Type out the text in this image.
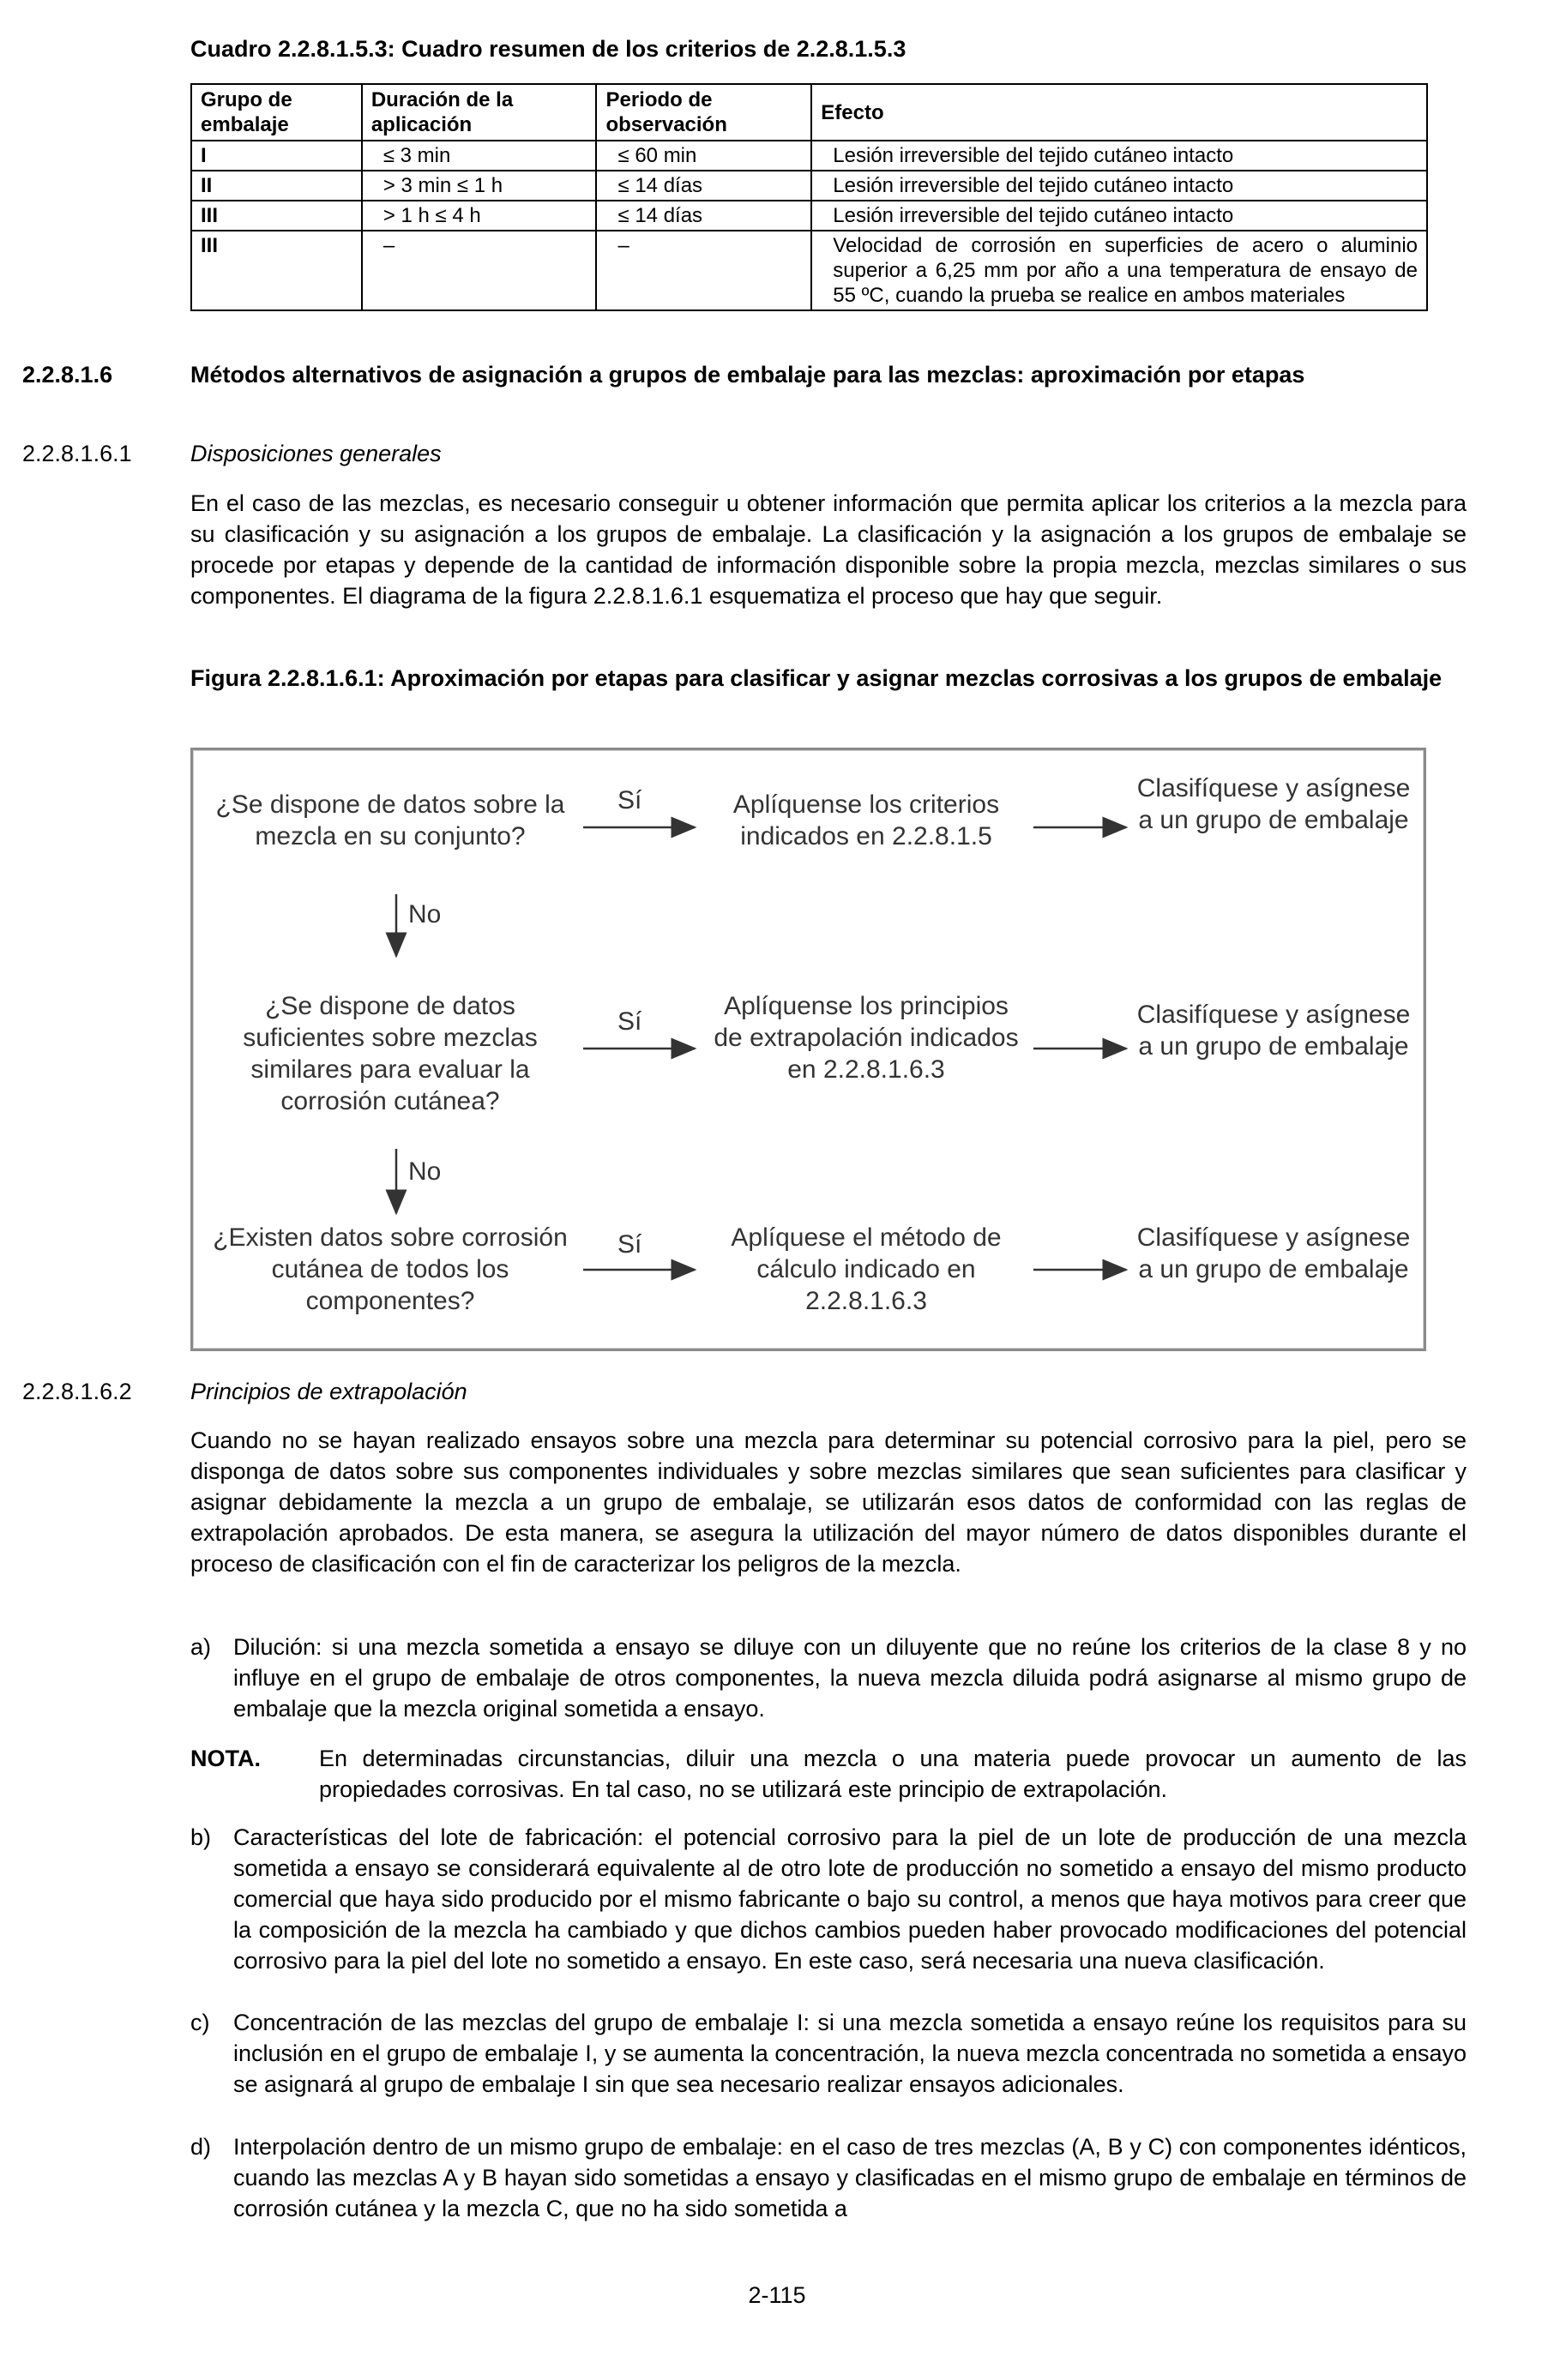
Cuadro 2.2.8.1.5.3: Cuadro resumen de los criterios de 2.2.8.1.5.3
Grupo de embalaje	Duración de la aplicación	Periodo de observación	Efecto
I	≤ 3 min	≤ 60 min	Lesión irreversible del tejido cutáneo intacto
II	> 3 min ≤ 1 h	≤ 14 días	Lesión irreversible del tejido cutáneo intacto
III	> 1 h ≤ 4 h	≤ 14 días	Lesión irreversible del tejido cutáneo intacto
III	–	–	Velocidad de corrosión en superficies de acero o aluminio superior a 6,25 mm por año a una temperatura de ensayo de 55 ºC, cuando la prueba se realice en ambos materiales
2.2.8.1.6	Métodos alternativos de asignación a grupos de embalaje para las mezclas: aproximación por etapas
2.2.8.1.6.1	Disposiciones generales
En el caso de las mezclas, es necesario conseguir u obtener información que permita aplicar los criterios a la mezcla para su clasificación y su asignación a los grupos de embalaje. La clasificación y la asignación a los grupos de embalaje se procede por etapas y depende de la cantidad de información disponible sobre la propia mezcla, mezclas similares o sus componentes. El diagrama de la figura 2.2.8.1.6.1 esquematiza el proceso que hay que seguir.
Figura 2.2.8.1.6.1: Aproximación por etapas para clasificar y asignar mezclas corrosivas a los grupos de embalaje
¿Se dispone de datos sobre la mezcla en su conjunto?
Sí	Aplíquense los criterios indicados en 2.2.8.1.5
Clasifíquese y asígnese a un grupo de embalaje
No
¿Se dispone de datos suficientes sobre mezclas similares para evaluar la corrosión cutánea?
Sí
Aplíquense los principios de extrapolación indicados en 2.2.8.1.6.3
Clasifíquese y asígnese a un grupo de embalaje
No
¿Existen datos sobre corrosión cutánea de todos los componentes?
Sí	Aplíquese el método de cálculo indicado en 2.2.8.1.6.3
Clasifíquese y asígnese a un grupo de embalaje
2.2.8.1.6.2	Principios de extrapolación
Cuando no se hayan realizado ensayos sobre una mezcla para determinar su potencial corrosivo para la piel, pero se disponga de datos sobre sus componentes individuales y sobre mezclas similares que sean suficientes para clasificar y asignar debidamente la mezcla a un grupo de embalaje, se utilizarán esos datos de conformidad con las reglas de extrapolación aprobados. De esta manera, se asegura la utilización del mayor número de datos disponibles durante el proceso de clasificación con el fin de caracterizar los peligros de la mezcla.
a) Dilución: si una mezcla sometida a ensayo se diluye con un diluyente que no reúne los criterios de la clase 8 y no influye en el grupo de embalaje de otros componentes, la nueva mezcla diluida podrá asignarse al mismo grupo de embalaje que la mezcla original sometida a ensayo.
NOTA.	En determinadas circunstancias, diluir una mezcla o una materia puede provocar un aumento de las propiedades corrosivas. En tal caso, no se utilizará este principio de extrapolación.
b) Características del lote de fabricación: el potencial corrosivo para la piel de un lote de producción de una mezcla sometida a ensayo se considerará equivalente al de otro lote de producción no sometido a ensayo del mismo producto comercial que haya sido producido por el mismo fabricante o bajo su control, a menos que haya motivos para creer que la composición de la mezcla ha cambiado y que dichos cambios pueden haber provocado modificaciones del potencial corrosivo para la piel del lote no sometido a ensayo. En este caso, será necesaria una nueva clasificación.
c) Concentración de las mezclas del grupo de embalaje I: si una mezcla sometida a ensayo reúne los requisitos para su inclusión en el grupo de embalaje I, y se aumenta la concentración, la nueva mezcla concentrada no sometida a ensayo se asignará al grupo de embalaje I sin que sea necesario realizar ensayos adicionales.
d) Interpolación dentro de un mismo grupo de embalaje: en el caso de tres mezclas (A, B y C) con componentes idénticos, cuando las mezclas A y B hayan sido sometidas a ensayo y clasificadas en el mismo grupo de embalaje en términos de corrosión cutánea y la mezcla C, que no ha sido sometida a
2-115
